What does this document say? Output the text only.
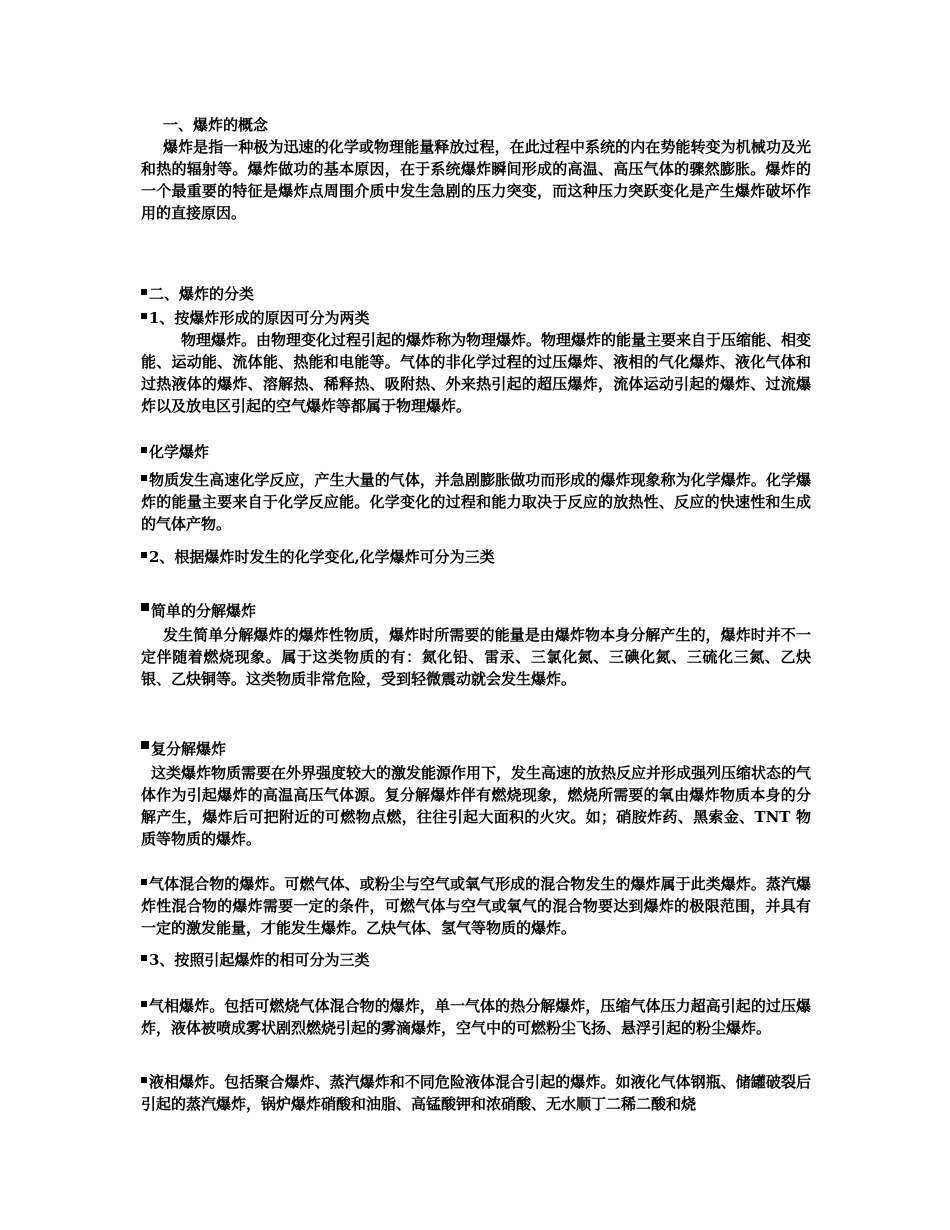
一、爆炸的概念

爆炸是指一种极为迅速的化学或物理能量释放过程，在此过程中系统的内在势能转变为机械功及光和热的辐射等。爆炸做功的基本原因，在于系统爆炸瞬间形成的高温、高压气体的骤然膨胀。爆炸的一个最重要的特征是爆炸点周围介质中发生急剧的压力突变，而这种压力突跃变化是产生爆炸破坏作用的直接原因。

二、爆炸的分类

1、按爆炸形成的原因可分为两类

物理爆炸。由物理变化过程引起的爆炸称为物理爆炸。物理爆炸的能量主要来自于压缩能、相变能、运动能、流体能、热能和电能等。气体的非化学过程的过压爆炸、液相的气化爆炸、液化气体和过热液体的爆炸、溶解热、稀释热、吸附热、外来热引起的超压爆炸，流体运动引起的爆炸、过流爆炸以及放电区引起的空气爆炸等都属于物理爆炸。

化学爆炸

物质发生高速化学反应，产生大量的气体，并急剧膨胀做功而形成的爆炸现象称为化学爆炸。化学爆炸的能量主要来自于化学反应能。化学变化的过程和能力取决于反应的放热性、反应的快速性和生成的气体产物。

2、根据爆炸时发生的化学变化,化学爆炸可分为三类

简单的分解爆炸

发生简单分解爆炸的爆炸性物质，爆炸时所需要的能量是由爆炸物本身分解产生的，爆炸时并不一定伴随着燃烧现象。属于这类物质的有：氮化铅、雷汞、三氯化氮、三碘化氮、三硫化三氮、乙炔银、乙炔铜等。这类物质非常危险，受到轻微震动就会发生爆炸。

复分解爆炸

这类爆炸物质需要在外界强度较大的激发能源作用下，发生高速的放热反应并形成强列压缩状态的气体作为引起爆炸的高温高压气体源。复分解爆炸伴有燃烧现象，燃烧所需要的氧由爆炸物质本身的分解产生，爆炸后可把附近的可燃物点燃，往往引起大面积的火灾。如；硝胺炸药、黑索金、TNT 物质等物质的爆炸。

气体混合物的爆炸。可燃气体、或粉尘与空气或氧气形成的混合物发生的爆炸属于此类爆炸。蒸汽爆炸性混合物的爆炸需要一定的条件，可燃气体与空气或氧气的混合物要达到爆炸的极限范围，并具有一定的激发能量，才能发生爆炸。乙炔气体、氢气等物质的爆炸。

3、按照引起爆炸的相可分为三类

气相爆炸。包括可燃烧气体混合物的爆炸，单一气体的热分解爆炸，压缩气体压力超高引起的过压爆炸，液体被喷成雾状剧烈燃烧引起的雾滴爆炸，空气中的可燃粉尘飞扬、悬浮引起的粉尘爆炸。

液相爆炸。包括聚合爆炸、蒸汽爆炸和不同危险液体混合引起的爆炸。如液化气体钢瓶、储罐破裂后引起的蒸汽爆炸，锅炉爆炸硝酸和油脂、高锰酸钾和浓硝酸、无水顺丁二稀二酸和烧
